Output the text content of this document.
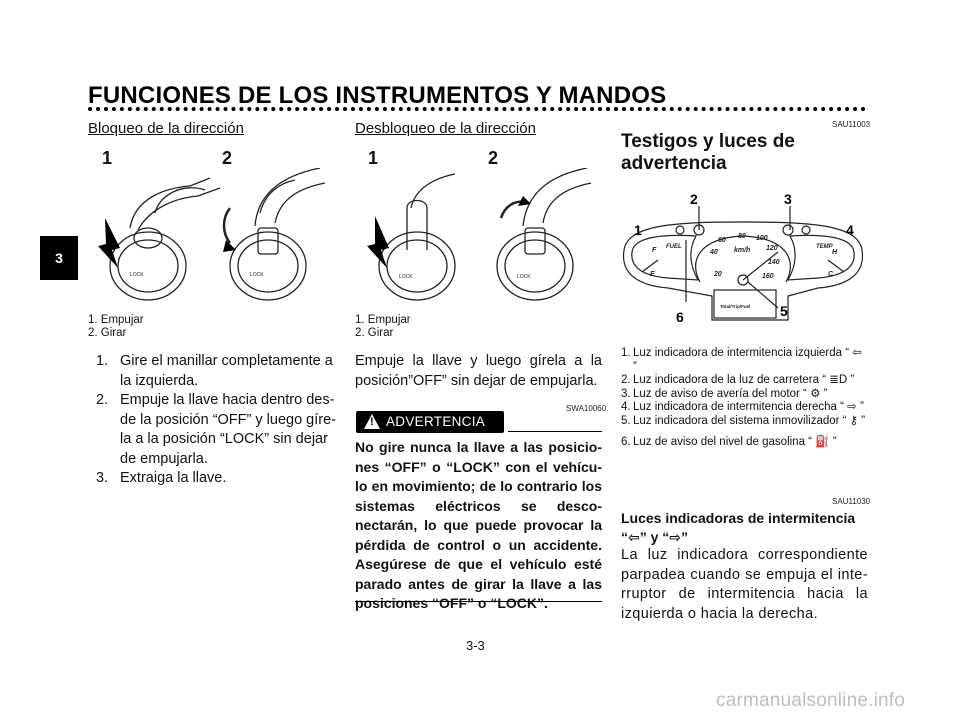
FUNCIONES DE LOS INSTRUMENTOS Y MANDOS
3
Bloqueo de la dirección
1	2
LOCK	LOCK
1. Empujar
2. Girar
1. Gire el manillar completamente a la izquierda.
2. Empuje la llave hacia dentro des-de la posición “OFF” y luego gíre-la a la posición “LOCK” sin dejar de empujarla.
3. Extraiga la llave.
Desbloqueo de la dirección
1	2
LOCK	LOCK
1. Empujar
2. Girar
Empuje la llave y luego gírela a la posición”OFF” sin dejar de empujarla.
SWA10060
! ADVERTENCIA
No gire nunca la llave a las posicio-nes “OFF” o “LOCK” con el vehícu-lo en movimiento; de lo contrario los sistemas eléctricos se desco-nectarán, lo que puede provocar la pérdida de control o un accidente. Asegúrese de que el vehículo esté parado antes de girar la llave a las posiciones “OFF” o “LOCK”.
SAU11003
Testigos y luces de advertencia
FUEL	TEMP
km/h
20
40
60
80 100
120
140
160
F
E
H
C
Total/Trip/Fuel
1
2	3
4
5
6
1. Luz indicadora de intermitencia izquierda “ ⇦ ”
2. Luz indicadora de la luz de carretera “ ≣D ”
3. Luz de aviso de avería del motor “ ⚙ ”
4. Luz indicadora de intermitencia derecha “ ⇨ ”
5. Luz indicadora del sistema inmovilizador “ ⚷ ”
6. Luz de aviso del nivel de gasolina “ ⛽ ”
SAU11030
Luces indicadoras de intermitencia “⇦” y “⇨”
La luz indicadora correspondiente parpadea cuando se empuja el inte-rruptor de intermitencia hacia la izquierda o hacia la derecha.
3-3
carmanualsonline.info
